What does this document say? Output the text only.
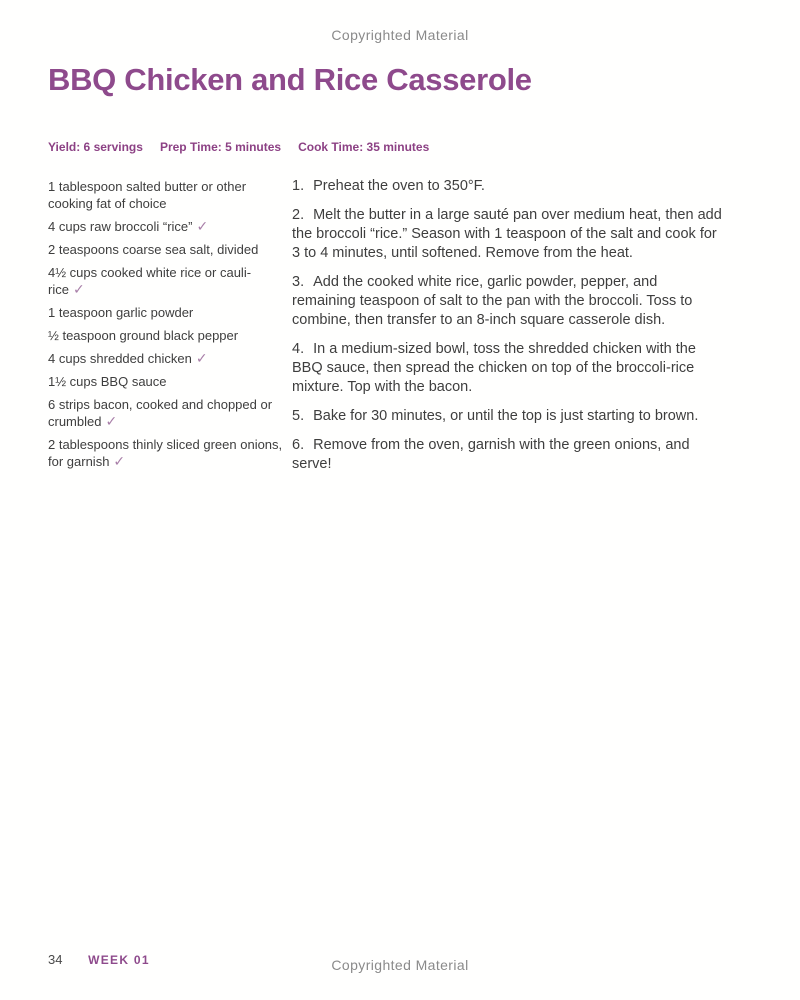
Copyrighted Material
BBQ Chicken and Rice Casserole
Yield: 6 servings Prep Time: 5 minutes Cook Time: 35 minutes

1 tablespoon salted butter or other cooking fat of choice

4 cups raw broccoli “rice” ✓

2 teaspoons coarse sea salt, divided

4½ cups cooked white rice or cauli-rice ✓

1 teaspoon garlic powder

½ teaspoon ground black pepper

4 cups shredded chicken ✓

1½ cups BBQ sauce

6 strips bacon, cooked and chopped or crumbled ✓

2 tablespoons thinly sliced green onions, for garnish ✓

1. Preheat the oven to 350°F.

2. Melt the butter in a large sauté pan over medium heat, then add the broccoli “rice.” Season with 1 teaspoon of the salt and cook for 3 to 4 minutes, until softened. Remove from the heat.

3. Add the cooked white rice, garlic powder, pepper, and remaining teaspoon of salt to the pan with the broccoli. Toss to combine, then transfer to an 8-inch square casserole dish.

4. In a medium-sized bowl, toss the shredded chicken with the BBQ sauce, then spread the chicken on top of the broccoli-rice mixture. Top with the bacon.

5. Bake for 30 minutes, or until the top is just starting to brown.

6. Remove from the oven, garnish with the green onions, and serve!

34 WEEK 01	Copyrighted Material
